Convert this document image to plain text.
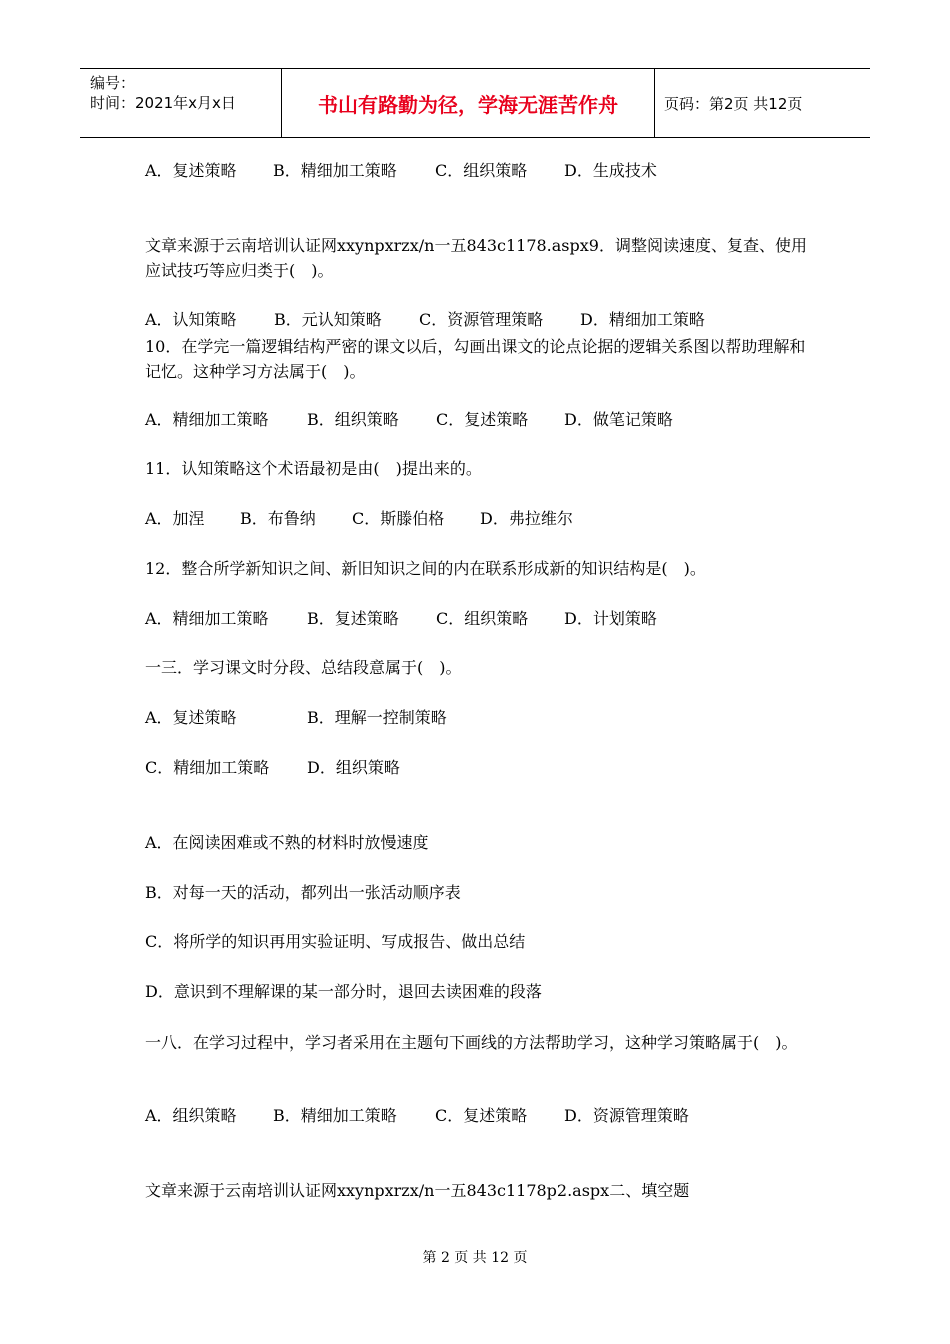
编号：
时间：2021年x月x日	书山有路勤为径，学海无涯苦作舟	页码：第2页 共12页
A．复述策略 B．精细加工策略 C．组织策略 D．生成技术
文章来源于云南培训认证网xxynpxrzx/n一五843c1178.aspx9．调整阅读速度、复查、使用应试技巧等应归类于(　)。
A．认知策略 B．元认知策略 C．资源管理策略 D．精细加工策略
10．在学完一篇逻辑结构严密的课文以后，勾画出课文的论点论据的逻辑关系图以帮助理解和记忆。这种学习方法属于(　)。
A．精细加工策略 B．组织策略 C．复述策略 D．做笔记策略
11．认知策略这个术语最初是由(　)提出来的。
A．加涅 B．布鲁纳 C．斯滕伯格 D．弗拉维尔
12．整合所学新知识之间、新旧知识之间的内在联系形成新的知识结构是(　)。
A．精细加工策略 B．复述策略 C．组织策略 D．计划策略
一三．学习课文时分段、总结段意属于(　)。
A．复述策略	B．理解一控制策略
C．精细加工策略 D．组织策略
A．在阅读困难或不熟的材料时放慢速度
B．对每一天的活动，都列出一张活动顺序表
C．将所学的知识再用实验证明、写成报告、做出总结
D．意识到不理解课的某一部分时，退回去读困难的段落
一八．在学习过程中，学习者采用在主题句下画线的方法帮助学习，这种学习策略属于(　)。
A．组织策略 B．精细加工策略 C．复述策略 D．资源管理策略
文章来源于云南培训认证网xxynpxrzx/n一五843c1178p2.aspx二、填空题
第 2 页 共 12 页
